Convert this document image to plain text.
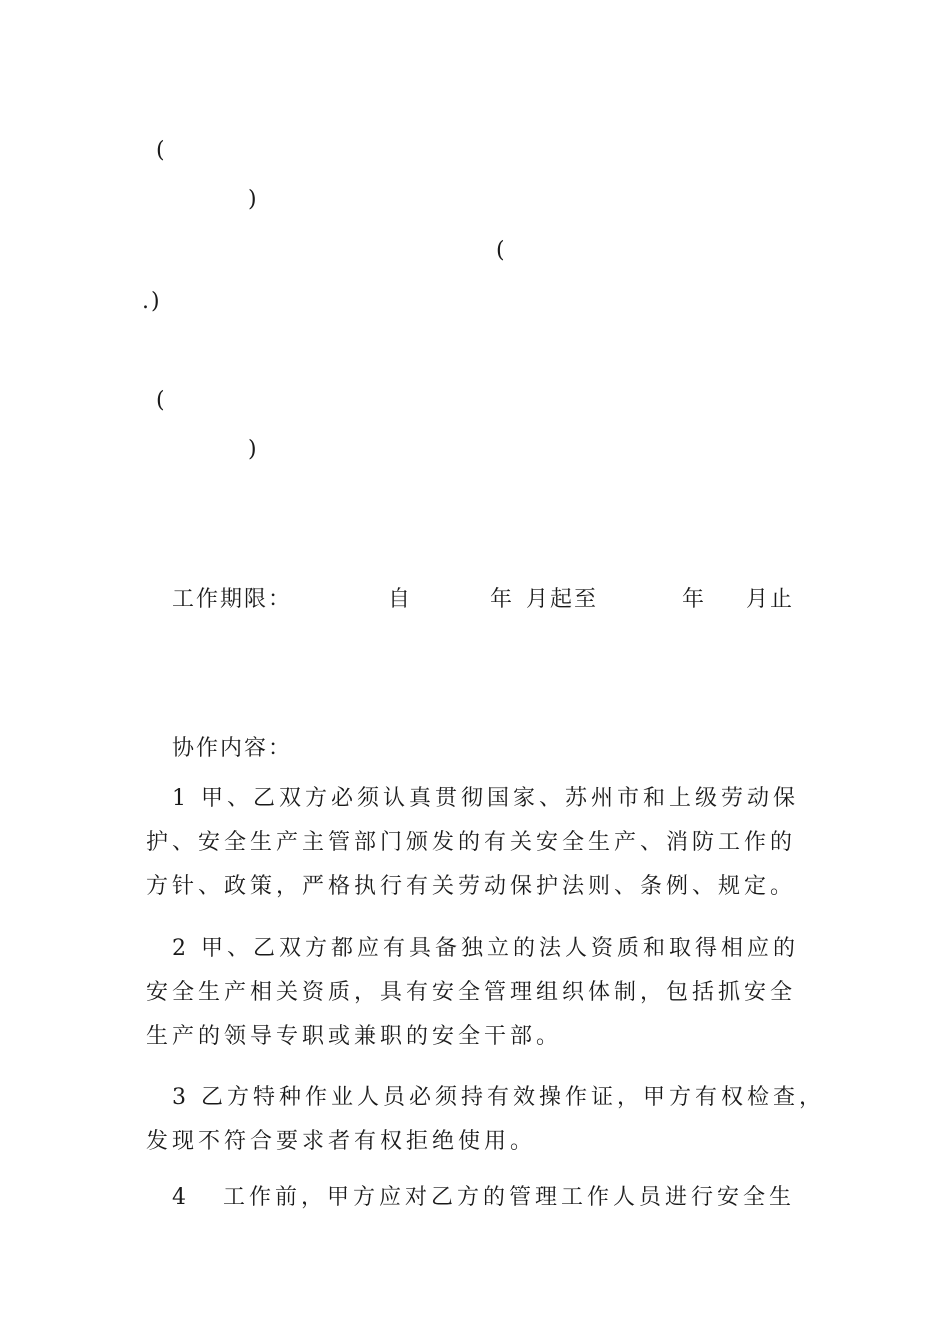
(
)
(
.)
(
)
工作期限：	自	年 月起至	年 月止
协作内容：
1 甲、乙双方必须认真贯彻国家、苏州市和上级劳动保
护、安全生产主管部门颁发的有关安全生产、消防工作的
方针、政策，严格执行有关劳动保护法则、条例、规定。
2 甲、乙双方都应有具备独立的法人资质和取得相应的
安全生产相关资质，具有安全管理组织体制，包括抓安全
生产的领导专职或兼职的安全干部。
3 乙方特种作业人员必须持有效操作证，甲方有权检查，
发现不符合要求者有权拒绝使用。
4   工作前，甲方应对乙方的管理工作人员进行安全生
